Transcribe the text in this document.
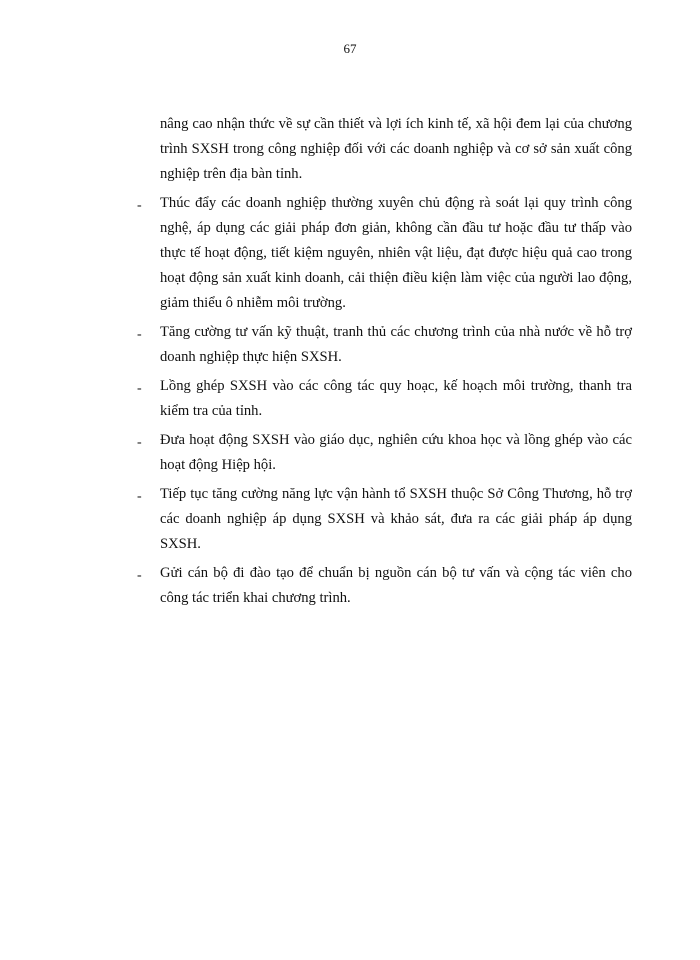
67

nâng cao nhận thức về sự cần thiết và lợi ích kinh tế, xã hội đem lại của chương trình SXSH trong công nghiệp đối với các doanh nghiệp và cơ sở sản xuất công nghiệp trên địa bàn tỉnh.

- Thúc đẩy các doanh nghiệp thường xuyên chủ động rà soát lại quy trình công nghệ, áp dụng các giải pháp đơn giản, không cần đầu tư hoặc đầu tư thấp vào thực tế hoạt động, tiết kiệm nguyên, nhiên vật liệu, đạt được hiệu quả cao trong hoạt động sản xuất kinh doanh, cải thiện điều kiện làm việc của người lao động, giảm thiểu ô nhiễm môi trường.
- Tăng cường tư vấn kỹ thuật, tranh thủ các chương trình của nhà nước về hỗ trợ doanh nghiệp thực hiện SXSH.
- Lồng ghép SXSH vào các công tác quy hoạc, kế hoạch môi trường, thanh tra kiểm tra của tỉnh.
- Đưa hoạt động SXSH vào giáo dục, nghiên cứu khoa học và lồng ghép vào các hoạt động Hiệp hội.
- Tiếp tục tăng cường năng lực vận hành tổ SXSH thuộc Sở Công Thương, hỗ trợ các doanh nghiệp áp dụng SXSH và khảo sát, đưa ra các giải pháp áp dụng SXSH.
- Gửi cán bộ đi đào tạo để chuẩn bị nguồn cán bộ tư vấn và cộng tác viên cho công tác triển khai chương trình.
